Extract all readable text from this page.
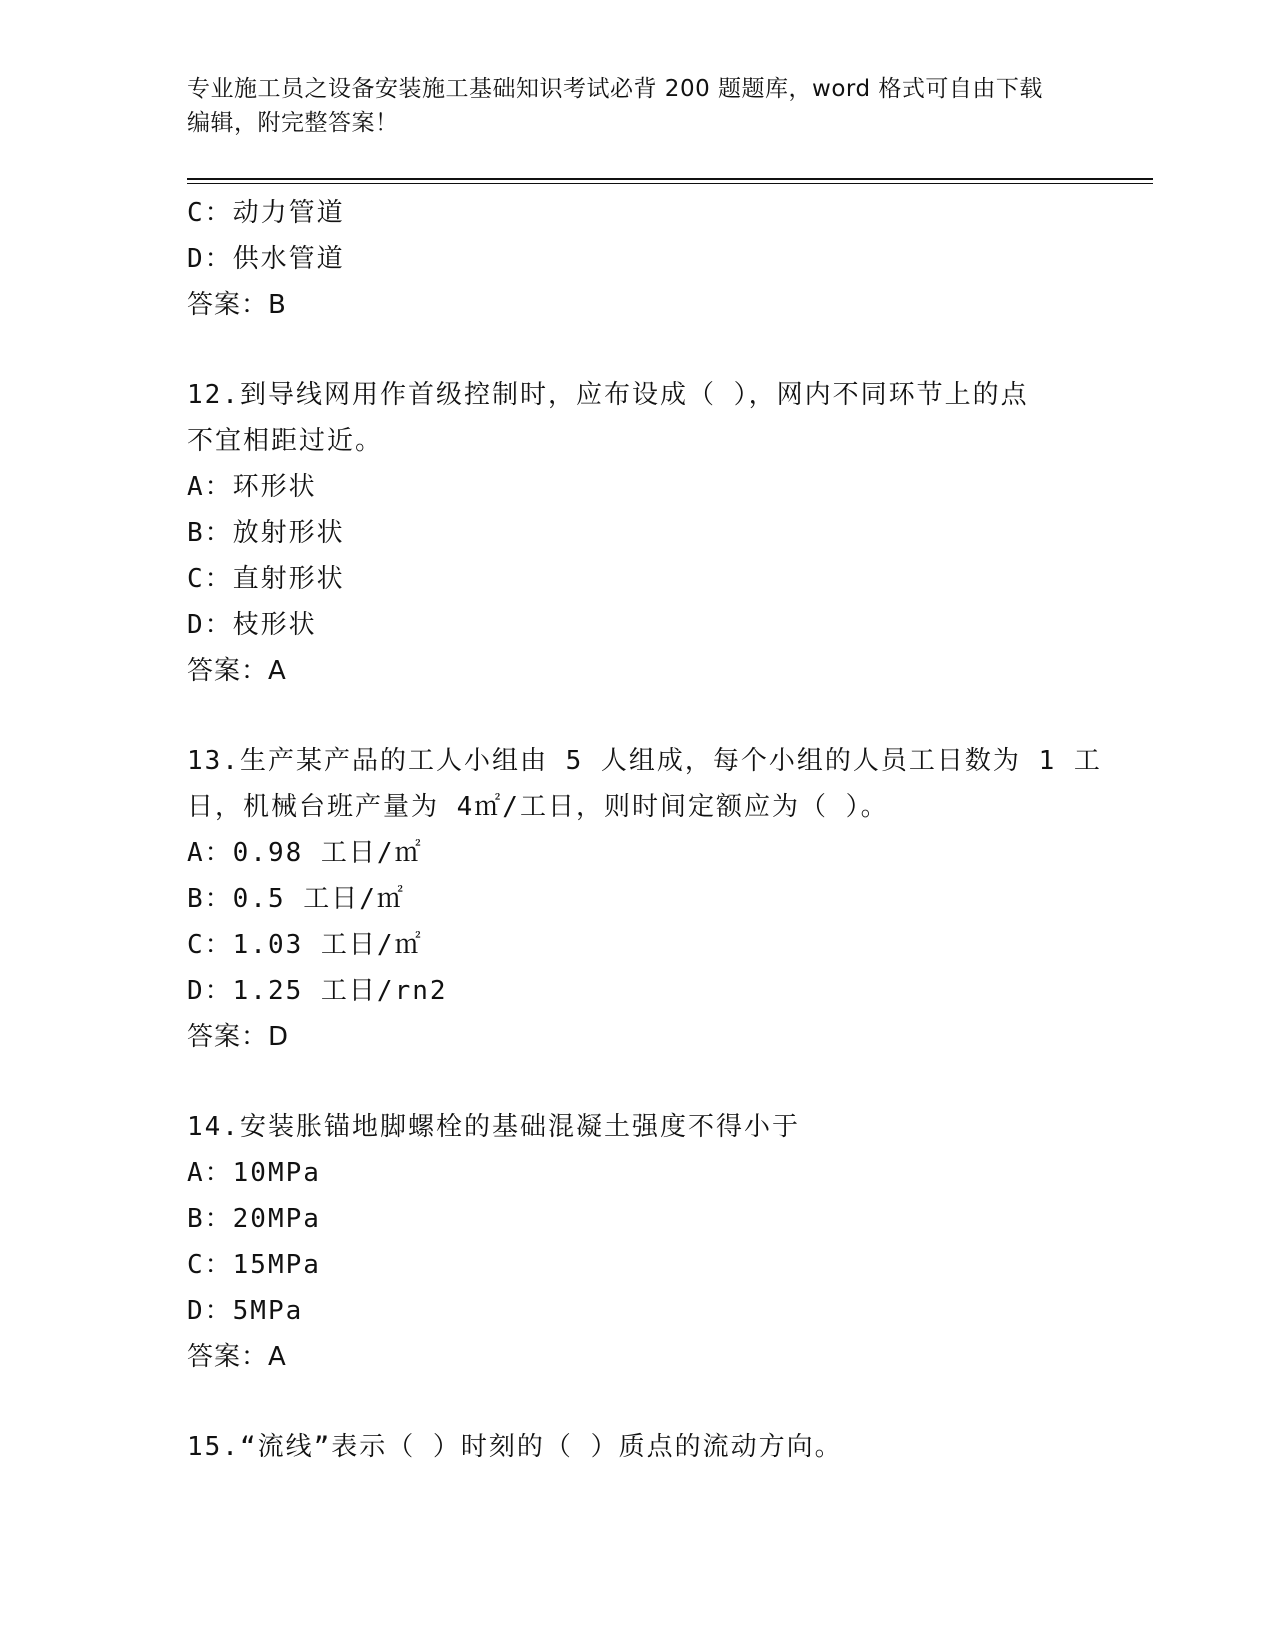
专业施工员之设备安装施工基础知识考试必背 200 题题库，word 格式可自由下载
编辑，附完整答案！
C：动力管道
D：供水管道
答案：B
12.到导线网用作首级控制时，应布设成（ ），网内不同环节上的点
不宜相距过近。
A：环形状
B：放射形状
C：直射形状
D：枝形状
答案：A
13.生产某产品的工人小组由 5 人组成，每个小组的人员工日数为 1 工
日，机械台班产量为 4㎡/工日，则时间定额应为（ ）。
A：0.98 工日/㎡
B：0.5 工日/㎡
C：1.03 工日/㎡
D：1.25 工日/rn2
答案：D
14.安装胀锚地脚螺栓的基础混凝土强度不得小于
A：10MPa
B：20MPa
C：15MPa
D：5MPa
答案：A
15.“流线”表示（ ）时刻的（ ）质点的流动方向。
